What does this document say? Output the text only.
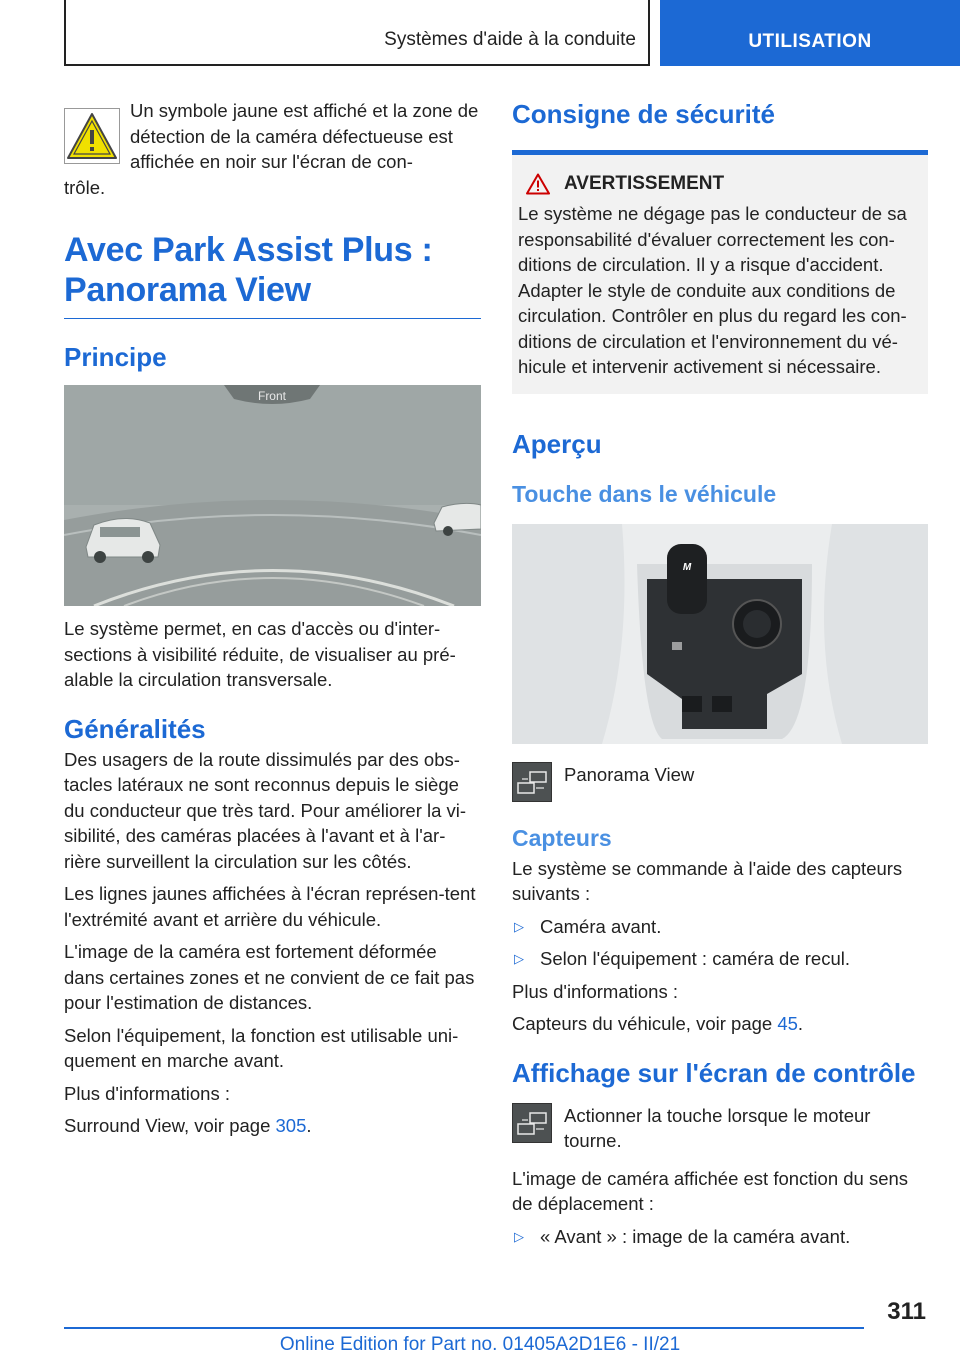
Systèmes d'aide à la conduite	UTILISATION

Un symbole jaune est affiché et la zone de détection de la caméra défectueuse est affichée en noir sur l'écran de con‐

trôle.

Avec Park Assist Plus : Panorama View
Principe
Front

Le système permet, en cas d'accès ou d'inter‐sections à visibilité réduite, de visualiser au pré‐alable la circulation transversale.

Généralités

Des usagers de la route dissimulés par des obs‐tacles latéraux ne sont reconnus depuis le siège du conducteur que très tard. Pour améliorer la vi‐sibilité, des caméras placées à l'avant et à l'ar‐rière surveillent la circulation sur les côtés.

Les lignes jaunes affichées à l'écran représen‐tent l'extrémité avant et arrière du véhicule.

L'image de la caméra est fortement déformée dans certaines zones et ne convient de ce fait pas pour l'estimation de distances.

Selon l'équipement, la fonction est utilisable uni‐quement en marche avant.

Plus d'informations :

Surround View, voir page 305.

Consigne de sécurité
AVERTISSEMENT

Le système ne dégage pas le conducteur de sa responsabilité d'évaluer correctement les con‐ditions de circulation. Il y a risque d'accident. Adapter le style de conduite aux conditions de circulation. Contrôler en plus du regard les con‐ditions de circulation et l'environnement du vé‐hicule et intervenir activement si nécessaire.

Aperçu
Touche dans le véhicule
M

Panorama View

Capteurs

Le système se commande à l'aide des capteurs suivants :

▷ Caméra avant.
▷ Selon l'équipement : caméra de recul.

Plus d'informations :

Capteurs du véhicule, voir page 45.

Affichage sur l'écran de contrôle

Actionner la touche lorsque le moteur tourne.

L'image de caméra affichée est fonction du sens de déplacement :

▷ « Avant » : image de la caméra avant.
311
Online Edition for Part no. 01405A2D1E6 - II/21
